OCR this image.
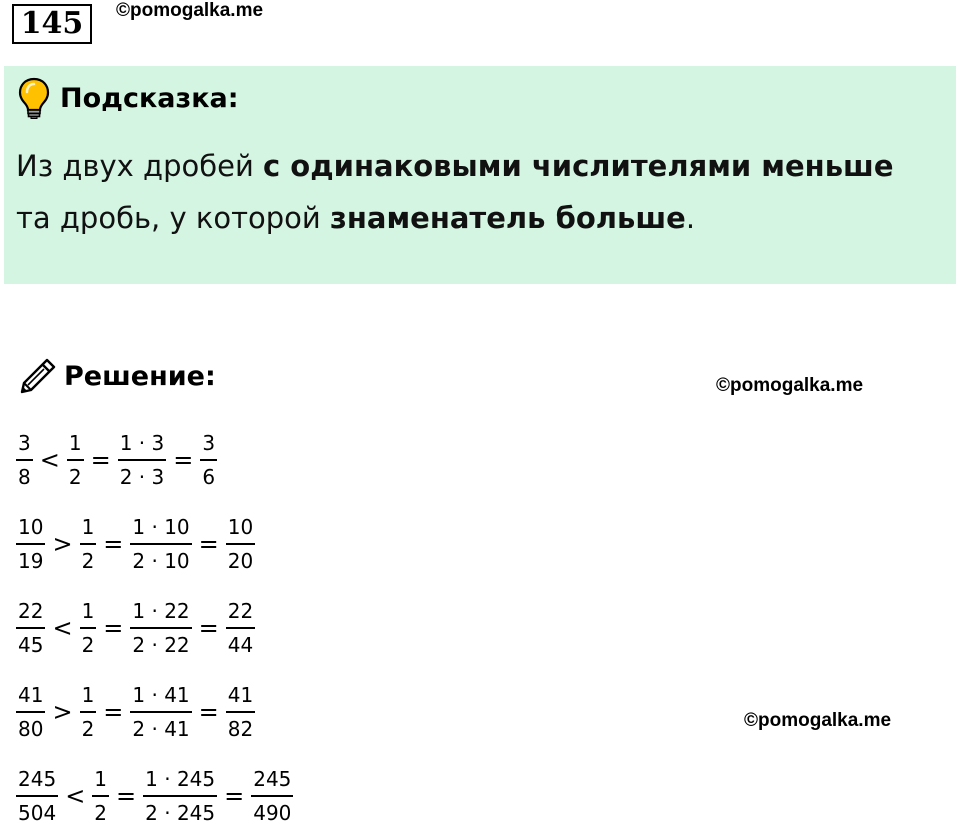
145	©pomogalka.me
Подсказка:
Из двух дробей с одинаковыми числителями меньше та дробь, у которой знаменатель больше.
Решение:	©pomogalka.me
©pomogalka.me
$\frac{3}{8} < \frac{1}{2} = \frac{1 \cdot 3}{2 \cdot 3} = \frac{3}{6}$
$\frac{10}{19} > \frac{1}{2} = \frac{1 \cdot 10}{2 \cdot 10} = \frac{10}{20}$
$\frac{22}{45} < \frac{1}{2} = \frac{1 \cdot 22}{2 \cdot 22} = \frac{22}{44}$
$\frac{41}{80} > \frac{1}{2} = \frac{1 \cdot 41}{2 \cdot 41} = \frac{41}{82}$
$\frac{245}{504} < \frac{1}{2} = \frac{1 \cdot 245}{2 \cdot 245} = \frac{245}{490}$
